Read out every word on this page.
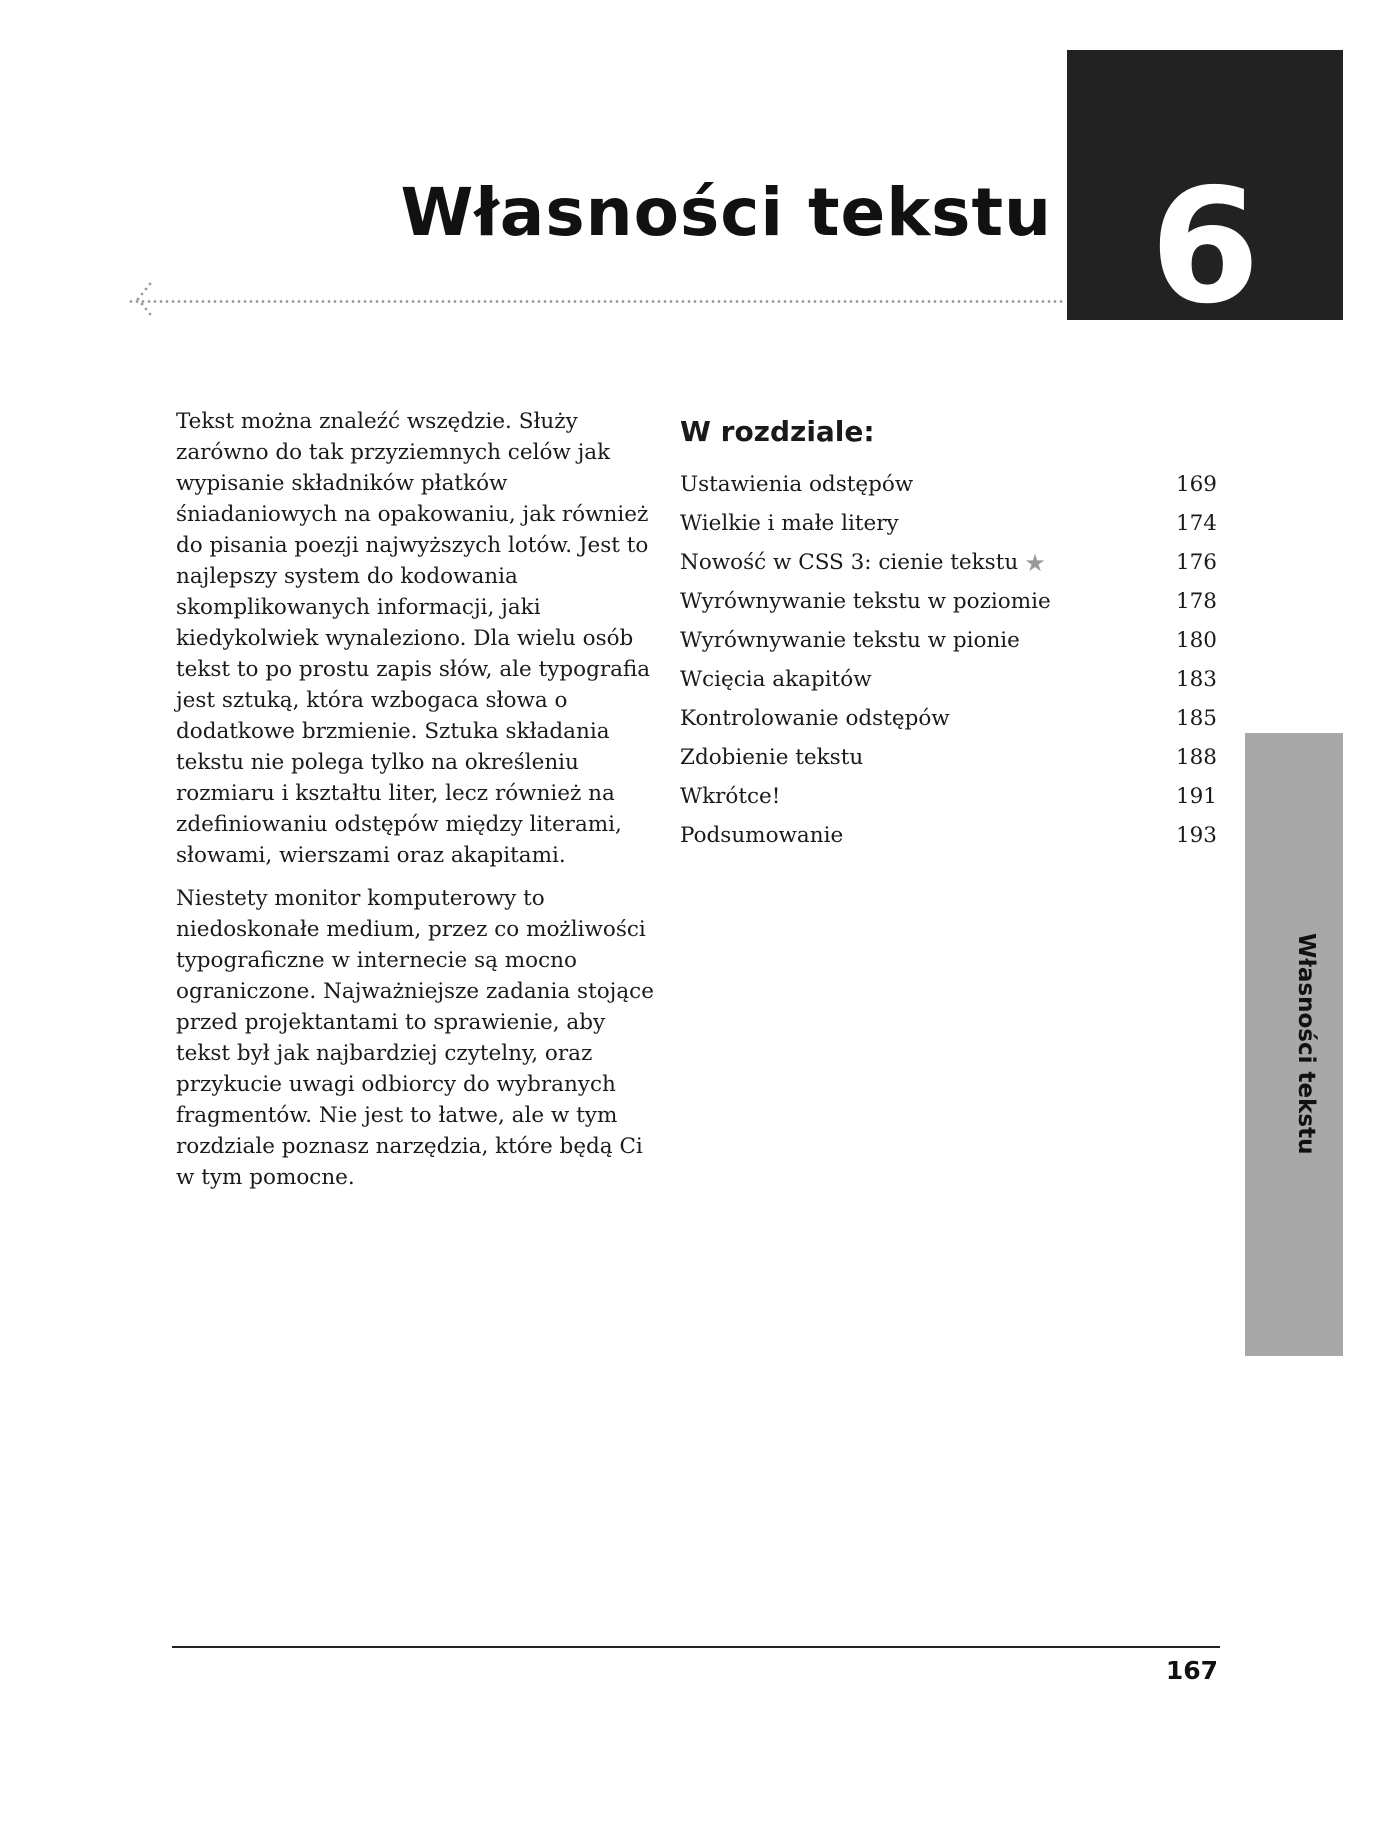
Własności tekstu 6
Własności tekstu

Tekst można znaleźć wszędzie. Służy zarówno do tak przyziemnych celów jak wypisanie składników płatków śniadaniowych na opakowaniu, jak również do pisania poezji najwyższych lotów. Jest to najlepszy system do kodowania skomplikowanych informacji, jaki kiedykolwiek wynaleziono. Dla wielu osób tekst to po prostu zapis słów, ale typografia jest sztuką, która wzbogaca słowa o dodatkowe brzmienie. Sztuka składania tekstu nie polega tylko na określeniu rozmiaru i kształtu liter, lecz również na zdefiniowaniu odstępów między literami, słowami, wierszami oraz akapitami.

Niestety monitor komputerowy to niedoskonałe medium, przez co możliwości typograficzne w internecie są mocno ograniczone. Najważniejsze zadania stojące przed projektantami to sprawienie, aby tekst był jak najbardziej czytelny, oraz przykucie uwagi odbiorcy do wybranych fragmentów. Nie jest to łatwe, ale w tym rozdziale poznasz narzędzia, które będą Ci w tym pomocne.

W rozdziale:
Ustawienia odstępów	169
Wielkie i małe litery	174
Nowość w CSS 3: cienie tekstu ★	176
Wyrównywanie tekstu w poziomie	178
Wyrównywanie tekstu w pionie	180
Wcięcia akapitów	183
Kontrolowanie odstępów	185
Zdobienie tekstu	188
Wkrótce!	191
Podsumowanie	193
167
